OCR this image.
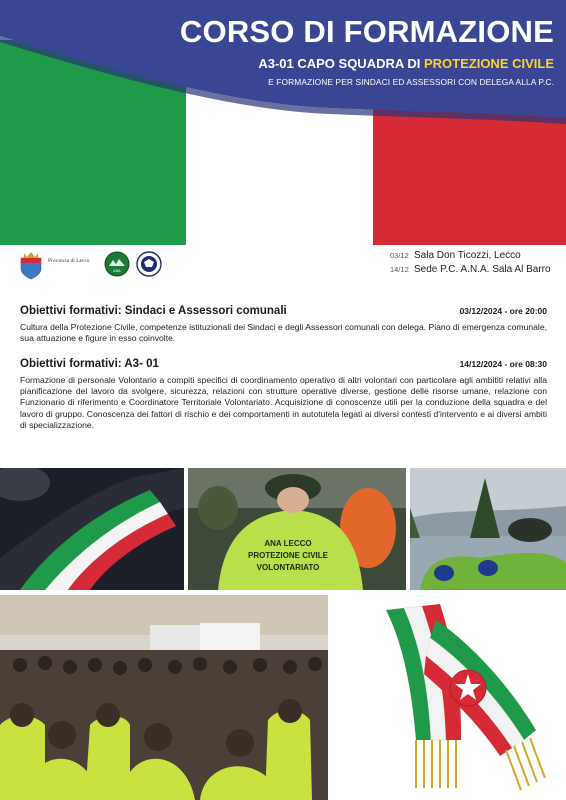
CORSO DI FORMAZIONE
A3-01 CAPO SQUADRA DI PROTEZIONE CIVILE
E FORMAZIONE PER SINDACI ED ASSESSORI CON DELEGA ALLA P.C.
Provincia di Lecco
ANA
03/12 Sala Don Ticozzi, Lecco
14/12 Sede P.C. A.N.A. Sala Al Barro
Obiettivi formativi: Sindaci e Assessori comunali	03/12/2024 - ore 20:00
Cultura della Protezione Civile, competenze istituzionali dei Sindaci e degli Assessori comunali con delega. Piano di emergenza comunale, sua attuazione e figure in esso coinvolte.
Obiettivi formativi: A3- 01	14/12/2024 - ore 08:30
Formazione di personale Volontario a compiti specifici di coordinamento operativo di altri volontari con particolare agli ambititi relativi alla pianificazione del lavoro da svolgere, sicurezza, relazioni con strutture operative diverse, gestione delle risorse umane, relazione con Funzionario di riferimento e Coordinatore Territoriale Volontariato. Acquisizione di conoscenze utili per la conduzione della squadra e del lavoro di gruppo. Conoscenza dei fattori di rischio e dei comportamenti in autotutela legati ai diversi contesti d'intervento e ai diversi ambiti di specializzazione.
ANA LECCO
PROTEZIONE CIVILE
VOLONTARIATO
